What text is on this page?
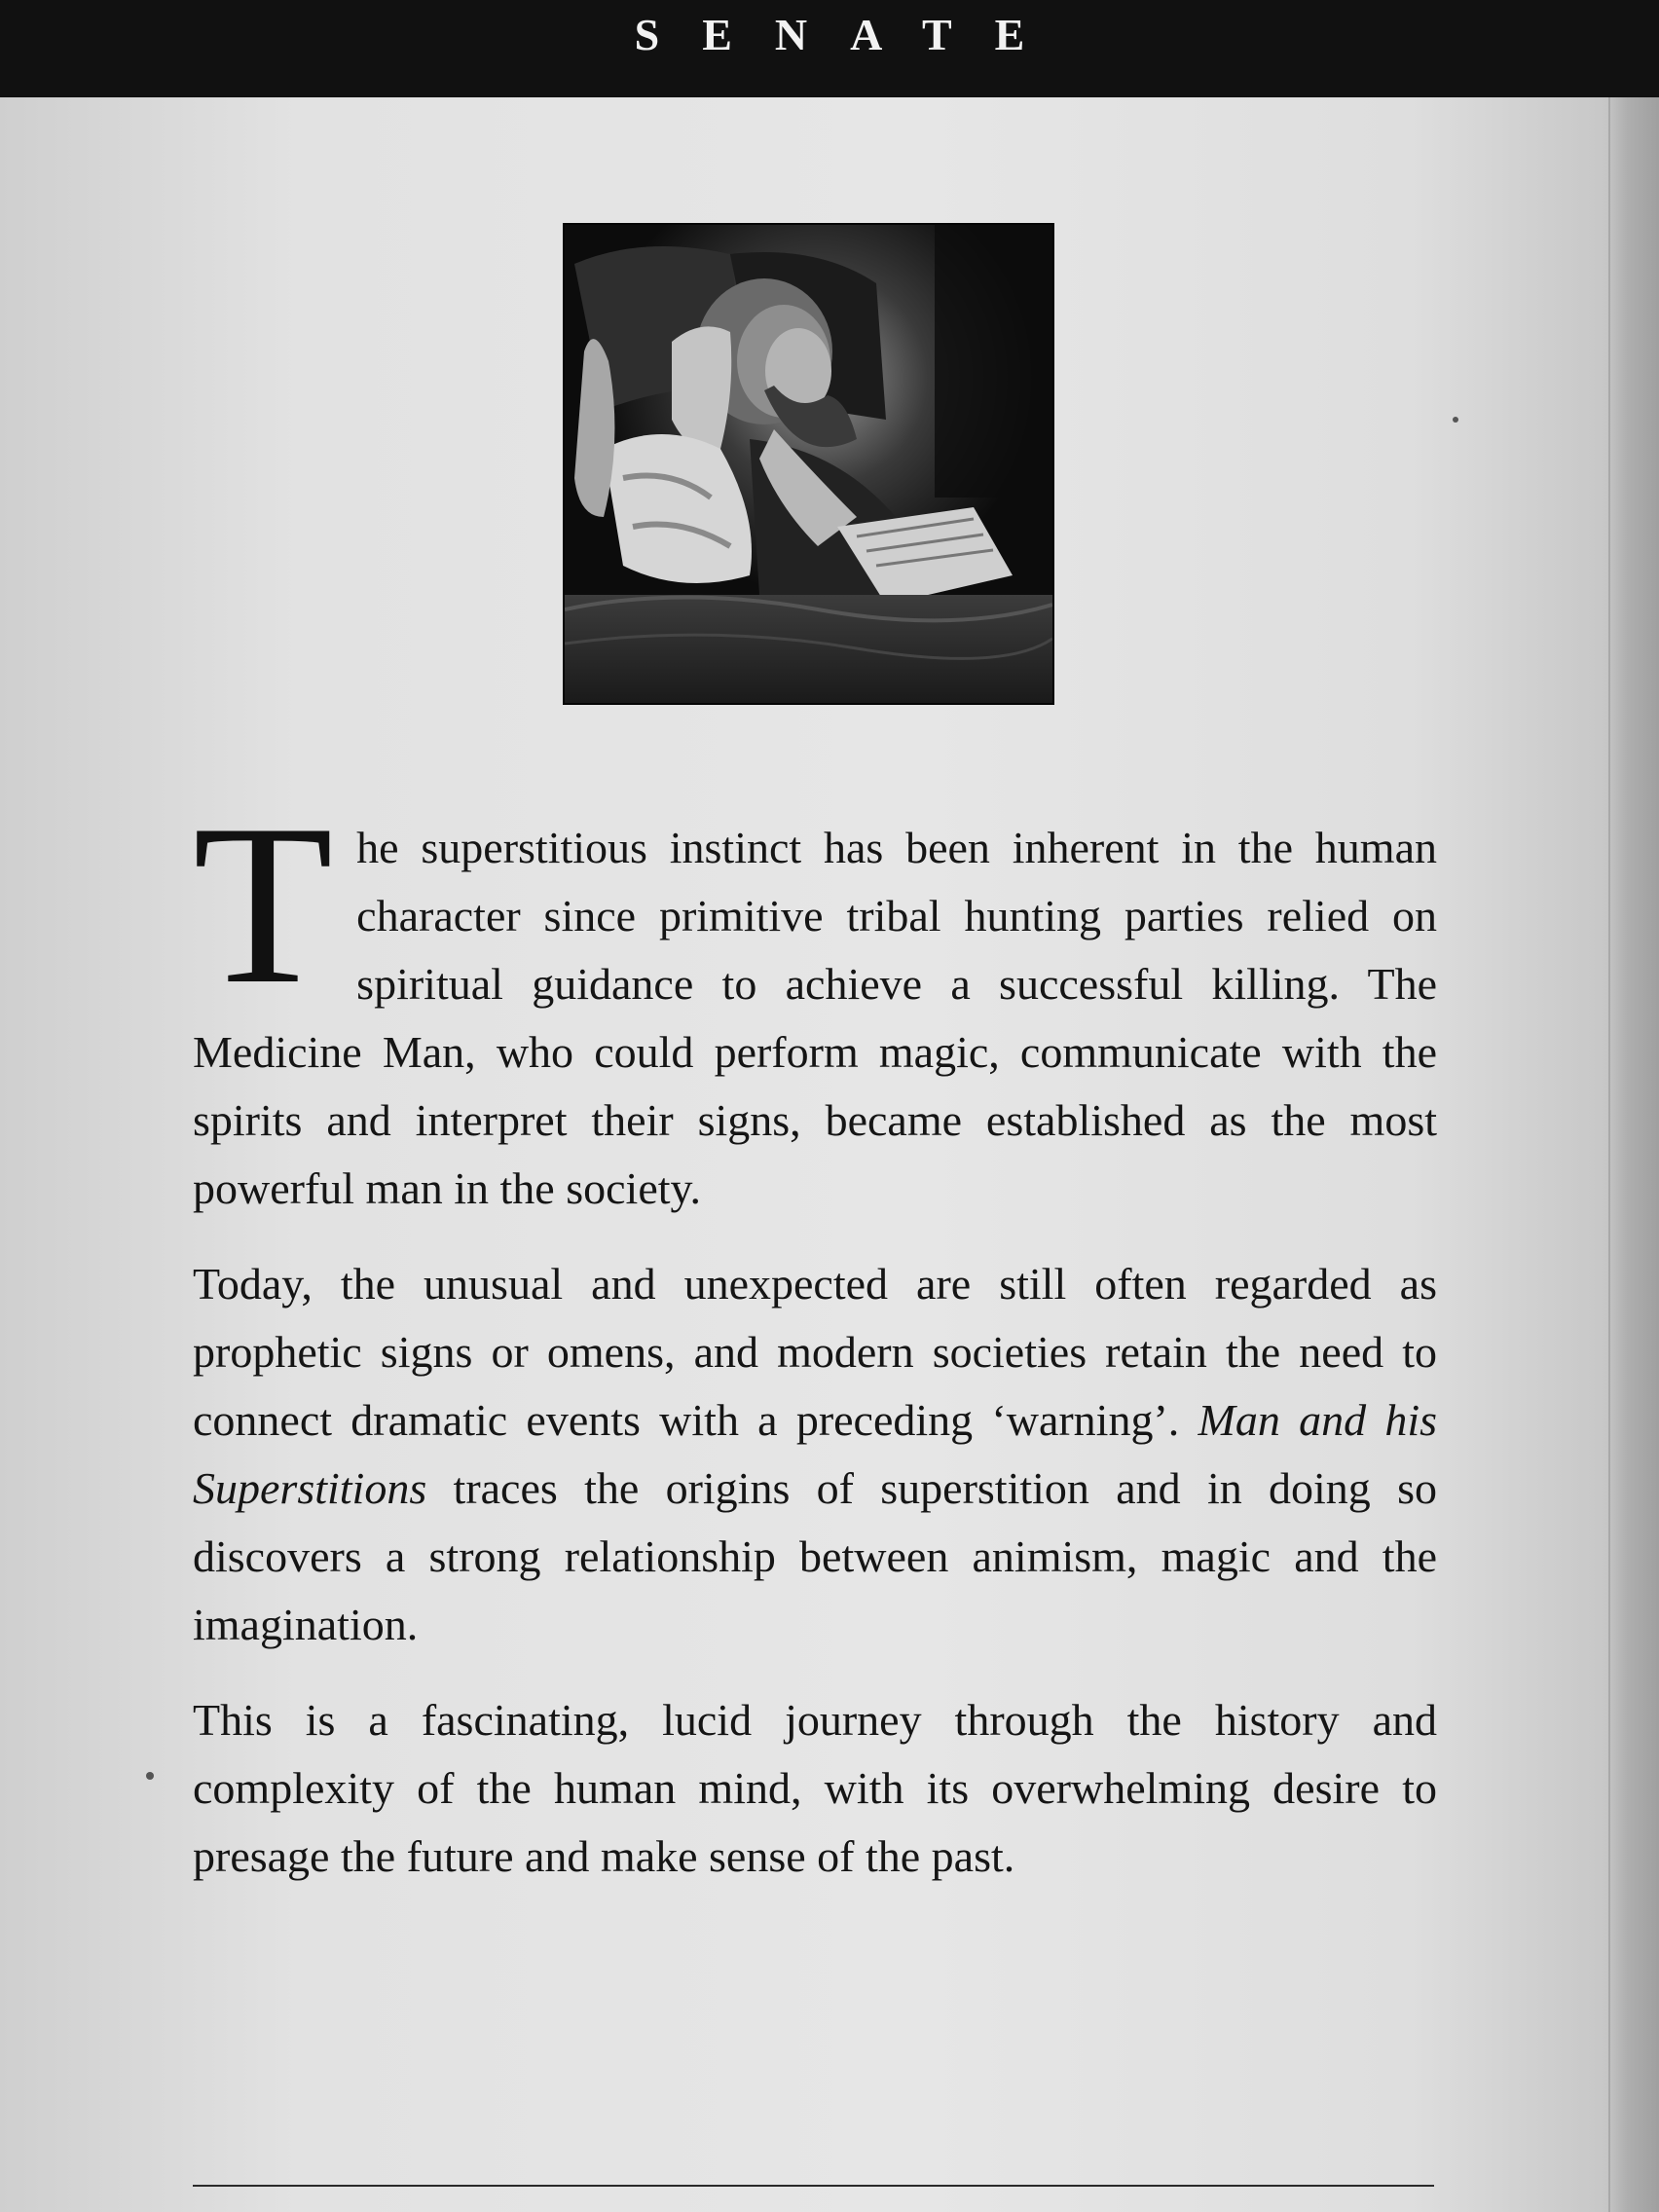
SENATE

The superstitious instinct has been inherent in the human character since primitive tribal hunting parties relied on spiritual guidance to achieve a successful killing. The Medicine Man, who could perform magic, communicate with the spirits and interpret their signs, became established as the most powerful man in the society.

Today, the unusual and unexpected are still often regarded as prophetic signs or omens, and modern societies retain the need to connect dramatic events with a preceding ‘warning’. Man and his Superstitions traces the origins of superstition and in doing so discovers a strong relationship between animism, magic and the imagination.

This is a fascinating, lucid journey through the history and complexity of the human mind, with its overwhelming desire to presage the future and make sense of the past.
